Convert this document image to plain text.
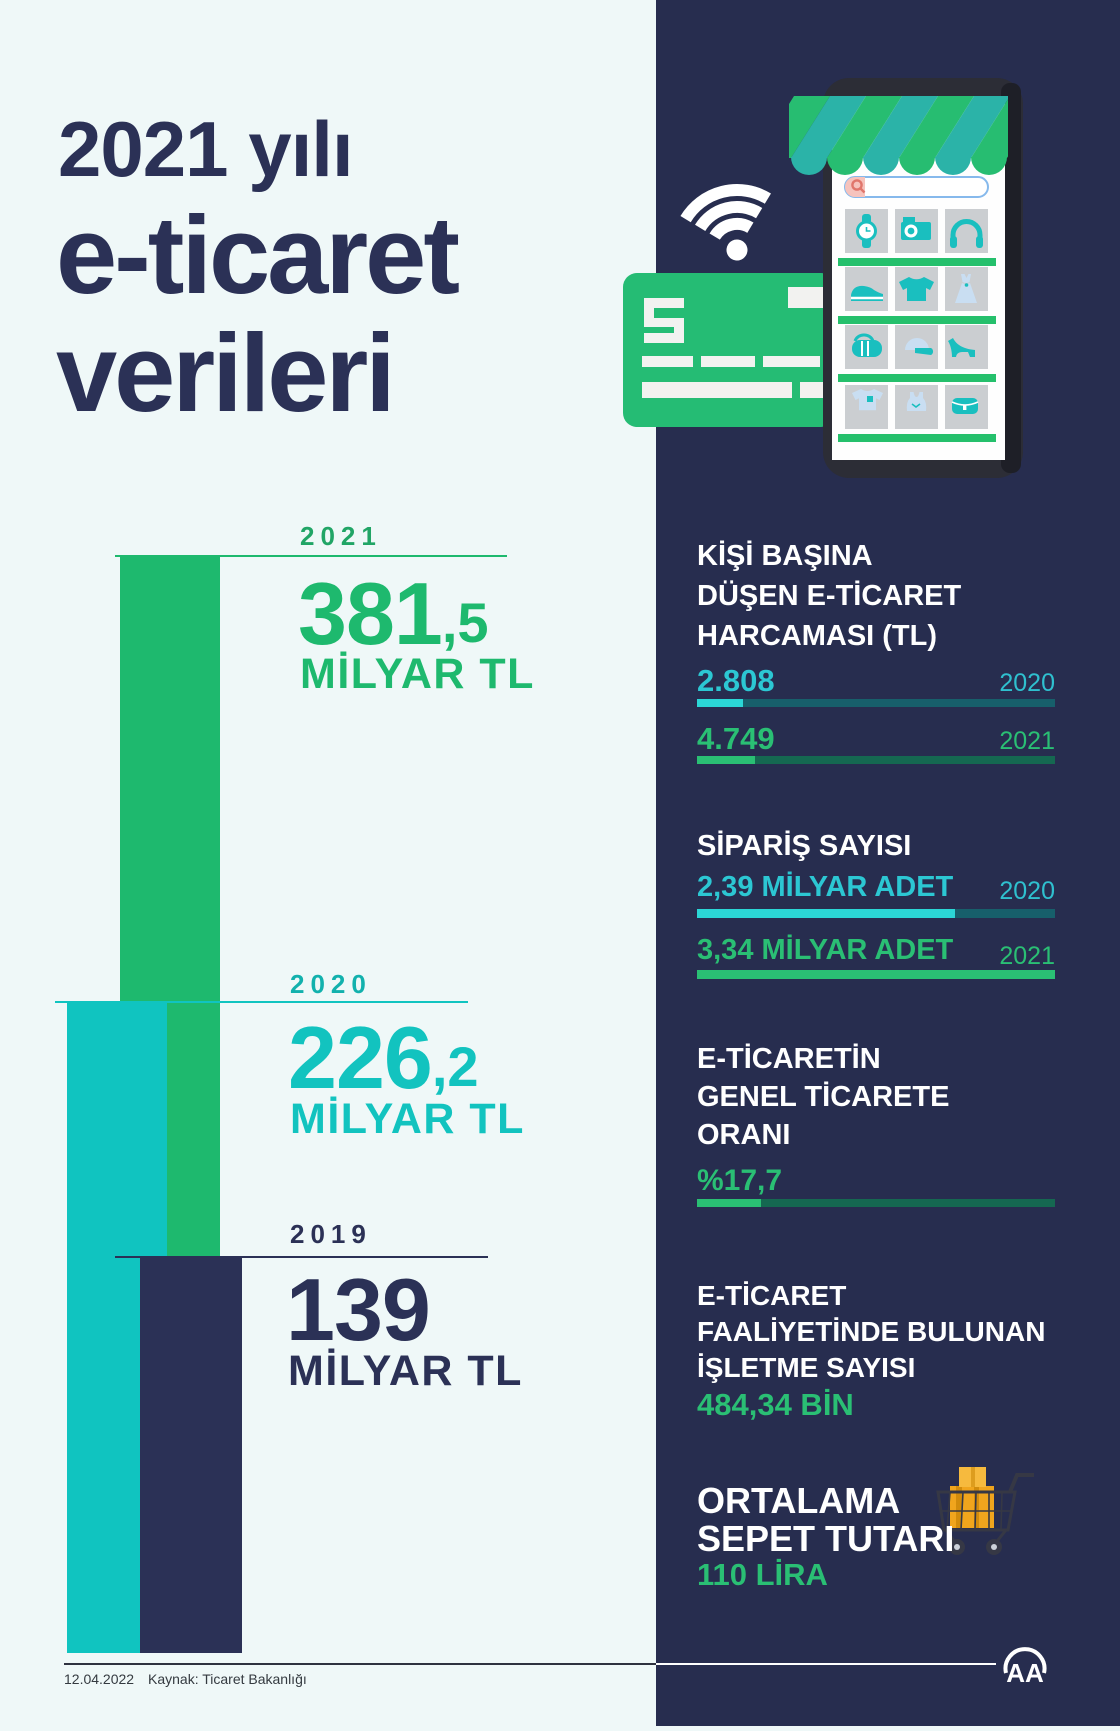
2021 yılı
e-ticaret
verileri
2021
2020
2019
381,5
MİLYAR TL
226,2
MİLYAR TL
139
MİLYAR TL
KİŞİ BAŞINA
DÜŞEN E-TİCARET
HARCAMASI (TL)
2.808	2020
4.749	2021
SİPARİŞ SAYISI
2,39 MİLYAR ADET	2020
3,34 MİLYAR ADET	2021
E-TİCARETİN
GENEL TİCARETE
ORANI
%17,7
E-TİCARET
FAALİYETİNDE BULUNAN
İŞLETME SAYISI
484,34 BİN
ORTALAMA
SEPET TUTARI
110 LİRA
12.04.2022 Kaynak: Ticaret Bakanlığı	AA
